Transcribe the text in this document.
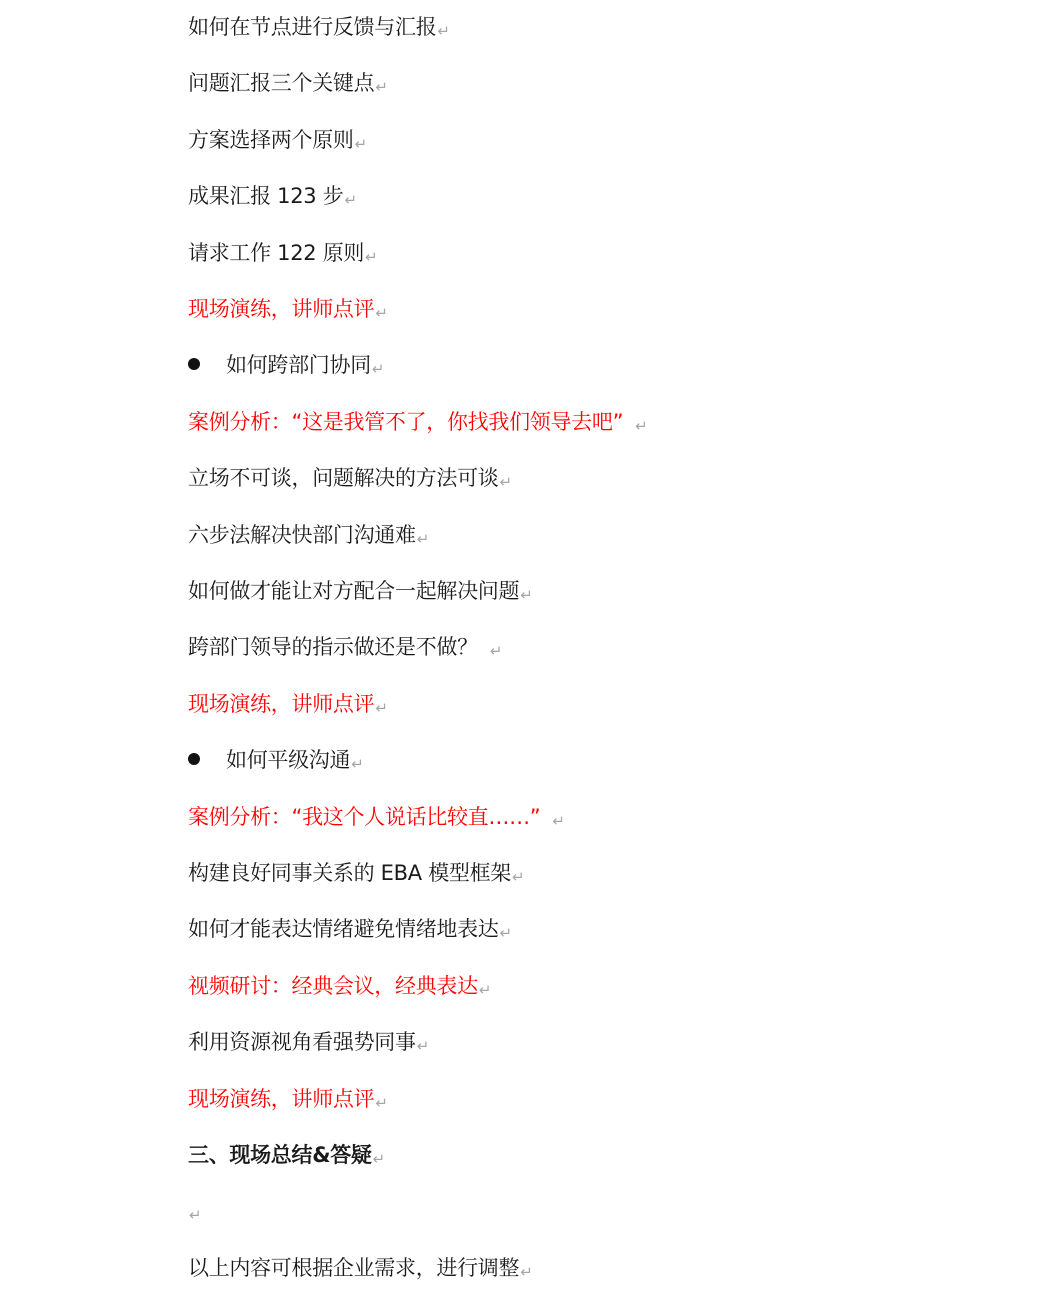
如何在节点进行反馈与汇报↵
问题汇报三个关键点↵
方案选择两个原则↵
成果汇报 123 步↵
请求工作 122 原则↵
现场演练，讲师点评↵
如何跨部门协同↵
案例分析：“这是我管不了，你找我们领导去吧” ↵
立场不可谈，问题解决的方法可谈↵
六步法解决快部门沟通难↵
如何做才能让对方配合一起解决问题↵
跨部门领导的指示做还是不做？ ↵
现场演练，讲师点评↵
如何平级沟通↵
案例分析：“我这个人说话比较直……” ↵
构建良好同事关系的 EBA 模型框架↵
如何才能表达情绪避免情绪地表达↵
视频研讨：经典会议，经典表达↵
利用资源视角看强势同事↵
现场演练，讲师点评↵
三、现场总结&答疑↵
↵
以上内容可根据企业需求，进行调整↵
